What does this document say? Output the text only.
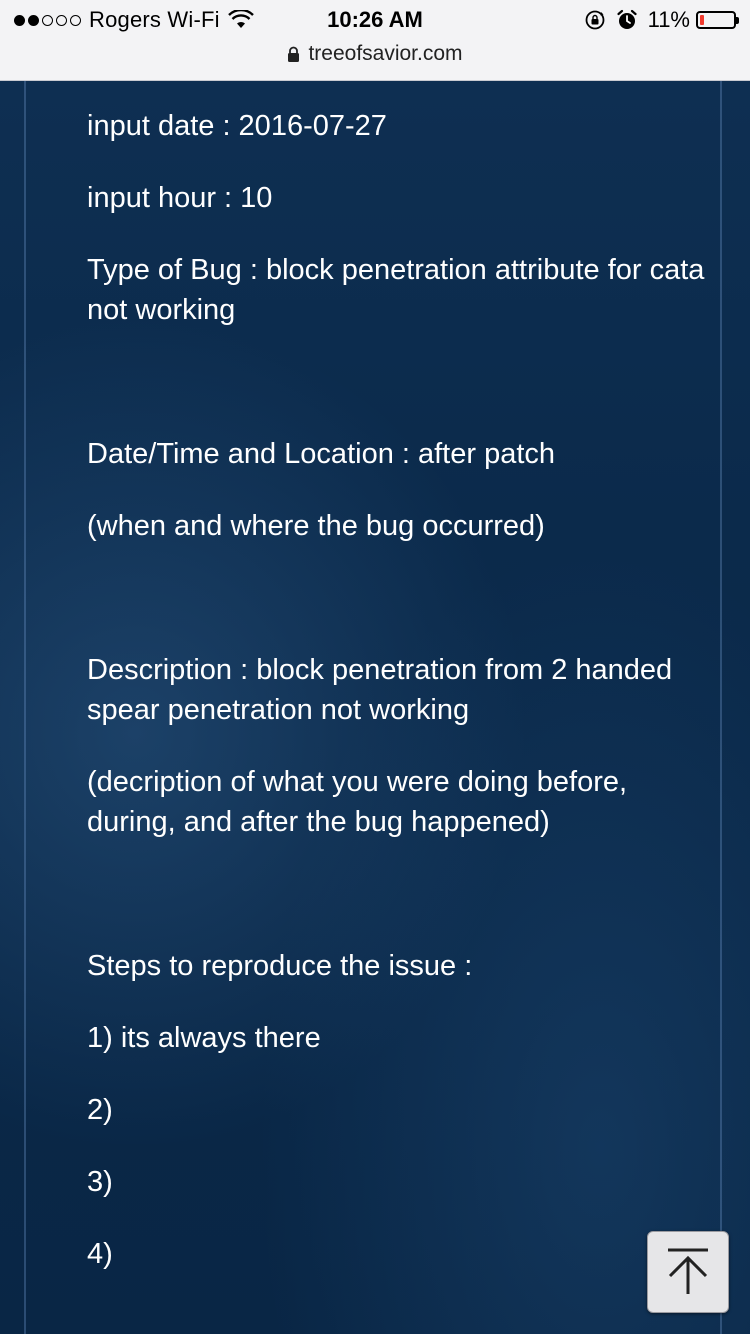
Rogers Wi-Fi	10:26 AM	11%
treeofsavior.com
input date : 2016-07-27
input hour : 10
Type of Bug : block penetration attribute for cata not working
Date/Time and Location : after patch
(when and where the bug occurred)
Description : block penetration from 2 handed spear penetration not working
(decription of what you were doing before, during, and after the bug happened)
Steps to reproduce the issue :
1) its always there
2)
3)
4)
